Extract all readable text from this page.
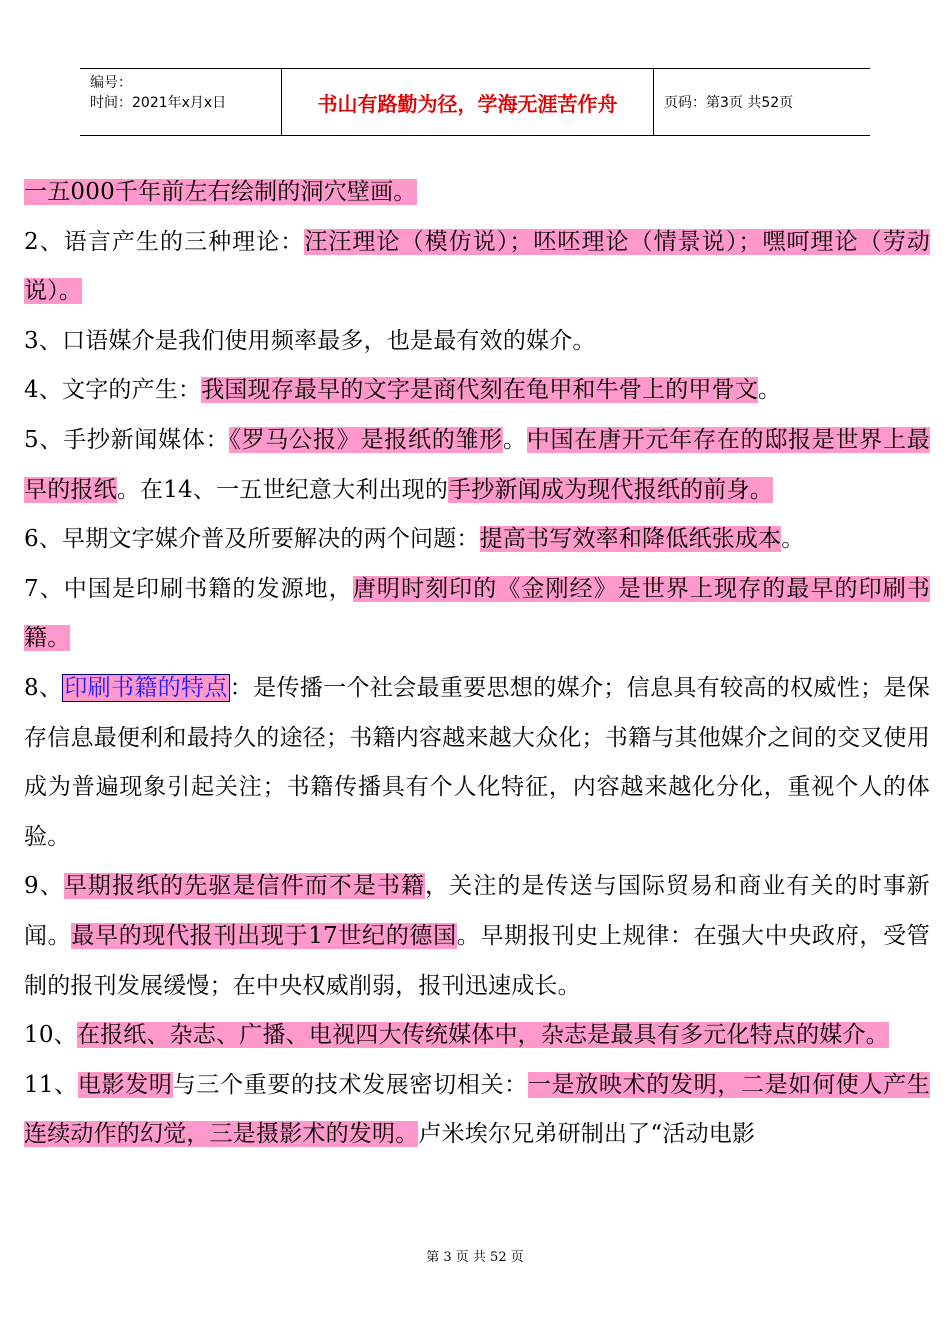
编号：
时间：2021年x月x日	书山有路勤为径，学海无涯苦作舟	页码：第3页 共52页

一五000千年前左右绘制的洞穴壁画。

2、语言产生的三种理论：汪汪理论（模仿说）；呸呸理论（情景说）；嘿呵理论（劳动说）。

3、口语媒介是我们使用频率最多，也是最有效的媒介。

4、文字的产生：我国现存最早的文字是商代刻在龟甲和牛骨上的甲骨文。

5、手抄新闻媒体：《罗马公报》是报纸的雏形。中国在唐开元年存在的邸报是世界上最早的报纸。在14、一五世纪意大利出现的手抄新闻成为现代报纸的前身。

6、早期文字媒介普及所要解决的两个问题：提高书写效率和降低纸张成本。

7、中国是印刷书籍的发源地，唐明时刻印的《金刚经》是世界上现存的最早的印刷书籍。

8、印刷书籍的特点：是传播一个社会最重要思想的媒介；信息具有较高的权威性；是保存信息最便利和最持久的途径；书籍内容越来越大众化；书籍与其他媒介之间的交叉使用成为普遍现象引起关注；书籍传播具有个人化特征，内容越来越化分化，重视个人的体验。

9、早期报纸的先驱是信件而不是书籍，关注的是传送与国际贸易和商业有关的时事新闻。最早的现代报刊出现于17世纪的德国。早期报刊史上规律：在强大中央政府，受管制的报刊发展缓慢；在中央权威削弱，报刊迅速成长。

10、在报纸、杂志、广播、电视四大传统媒体中，杂志是最具有多元化特点的媒介。

11、电影发明与三个重要的技术发展密切相关：一是放映术的发明，二是如何使人产生连续动作的幻觉，三是摄影术的发明。卢米埃尔兄弟研制出了“活动电影

第 3 页 共 52 页
